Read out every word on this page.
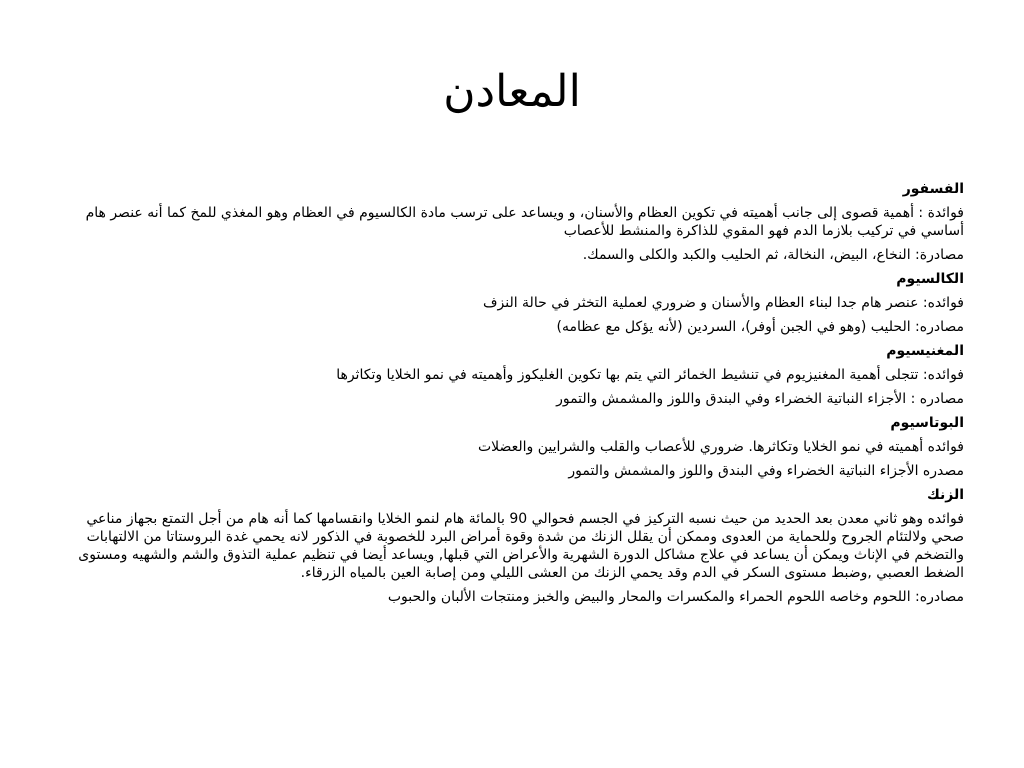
المعادن
الفسفور
فوائدة : أهمية قصوى إلى جانب أهميته في تكوين العظام والأسنان، و ويساعد على ترسب مادة الكالسيوم في العظام وهو المغذي للمخ كما أنه عنصر هام أساسي في تركيب بلازما الدم فهو المقوي للذاكرة والمنشط للأعصاب
مصادرة: النخاع، البيض، النخالة، ثم الحليب والكبد والكلى والسمك.
الكالسيوم
فوائده: عنصر هام جدا لبناء العظام والأسنان و ضروري لعملية التخثر في حالة النزف
مصادره: الحليب (وهو في الجبن أوفر)، السردين (لأنه يؤكل مع عظامه)
المغنيسيوم
فوائده: تتجلى أهمية المغنيزيوم في تنشيط الخمائر التي يتم بها تكوين الغليكوز وأهميته في نمو الخلايا وتكاثرها
مصادره : الأجزاء النباتية الخضراء وفي البندق واللوز والمشمش والتمور
البوتاسيوم
فوائده أهميته في نمو الخلايا وتكاثرها. ضروري للأعصاب والقلب والشرايين والعضلات
مصدره الأجزاء النباتية الخضراء وفي البندق واللوز والمشمش والتمور
الزنك
فوائده وهو ثاني معدن بعد الحديد من حيث نسبه التركيز في الجسم فحوالي 90 بالمائة هام لنمو الخلايا وانقسامها كما أنه هام من أجل التمتع بجهاز مناعي صحي ولالتئام الجروح وللحماية من العدوى وممكن أن يقلل الزنك من شدة وقوة أمراض البرد للخصوبة في الذكور لانه يحمي غدة البروستاتا من الالتهابات والتضخم في الإناث ويمكن أن يساعد في علاج مشاكل الدورة الشهرية والأعراض التي قبلها, ويساعد أيضا في تنظيم عملية التذوق والشم والشهيه ومستوى الضغط العصبي ,وضبط مستوى السكر في الدم وقد يحمي الزنك من العشى الليلي ومن إصابة العين بالمياه الزرقاء.
مصادره: اللحوم وخاصه اللحوم الحمراء والمكسرات والمحار والبيض والخبز ومنتجات الألبان والحبوب
